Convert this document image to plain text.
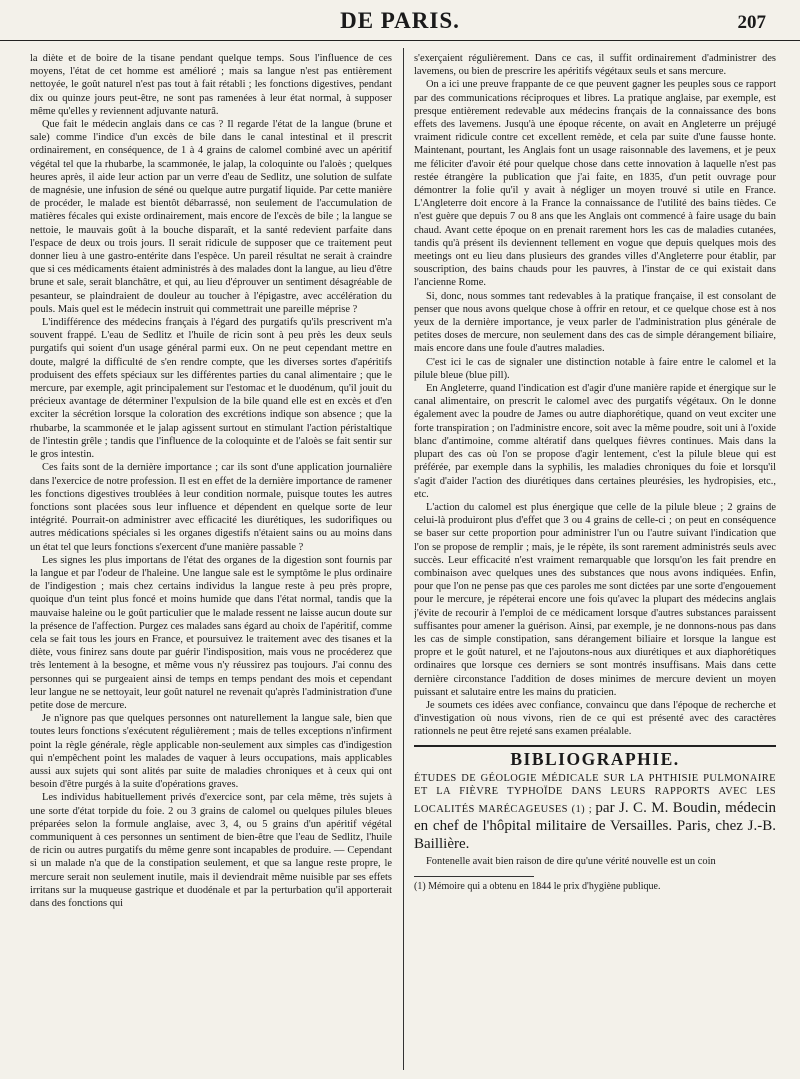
DE PARIS.	207

la diète et de boire de la tisane pendant quelque temps. Sous l'influence de ces moyens, l'état de cet homme est amélioré ; mais sa langue n'est pas entièrement nettoyée, le goût naturel n'est pas tout à fait rétabli ; les fonctions digestives, pendant dix ou quinze jours peut-être, ne sont pas ramenées à leur état normal, à supposer même qu'elles y reviennent adjuvante naturâ.

Que fait le médecin anglais dans ce cas ? Il regarde l'état de la langue (brune et sale) comme l'indice d'un excès de bile dans le canal intestinal et il prescrit ordinairement, en conséquence, de 1 à 4 grains de calomel combiné avec un apéritif végétal tel que la rhubarbe, la scammonée, le jalap, la coloquinte ou l'aloès ; quelques heures après, il aide leur action par un verre d'eau de Sedlitz, une solution de sulfate de magnésie, une infusion de séné ou quelque autre purgatif liquide. Par cette manière de procéder, le malade est bientôt débarrassé, non seulement de l'accumulation de matières fécales qui existe ordinairement, mais encore de l'excès de bile ; la langue se nettoie, le mauvais goût à la bouche disparaît, et la santé redevient parfaite dans l'espace de deux ou trois jours. Il serait ridicule de supposer que ce traitement peut donner lieu à une gastro-entérite dans l'espèce. Un pareil résultat ne serait à craindre que si ces médicaments étaient administrés à des malades dont la langue, au lieu d'être brune et sale, serait blanchâtre, et qui, au lieu d'éprouver un sentiment désagréable de pesanteur, se plaindraient de douleur au toucher à l'épigastre, avec accélération du pouls. Mais quel est le médecin instruit qui commettrait une pareille méprise ?

L'indifférence des médecins français à l'égard des purgatifs qu'ils prescrivent m'a souvent frappé. L'eau de Sedlitz et l'huile de ricin sont à peu près les deux seuls purgatifs qui soient d'un usage général parmi eux. On ne peut cependant mettre en doute, malgré la difficulté de s'en rendre compte, que les diverses sortes d'apéritifs produisent des effets spéciaux sur les différentes parties du canal alimentaire ; que le mercure, par exemple, agit principalement sur l'estomac et le duodénum, qu'il jouit du précieux avantage de déterminer l'expulsion de la bile quand elle est en excès et d'en exciter la sécrétion lorsque la coloration des excrétions indique son absence ; que la rhubarbe, la scammonée et le jalap agissent surtout en stimulant l'action péristaltique de l'intestin grêle ; tandis que l'influence de la coloquinte et de l'aloès se fait sentir sur le gros intestin.

Ces faits sont de la dernière importance ; car ils sont d'une application journalière dans l'exercice de notre profession. Il est en effet de la dernière importance de ramener les fonctions digestives troublées à leur condition normale, puisque toutes les autres fonctions sont placées sous leur influence et dépendent en quelque sorte de leur intégrité. Pourrait-on administrer avec efficacité les diurétiques, les sudorifiques ou autres médications spéciales si les organes digestifs n'étaient sains ou au moins dans un état tel que leurs fonctions s'exercent d'une manière passable ?

Les signes les plus importans de l'état des organes de la digestion sont fournis par la langue et par l'odeur de l'haleine. Une langue sale est le symptôme le plus ordinaire de l'indigestion ; mais chez certains individus la langue reste à peu près propre, quoique d'un teint plus foncé et moins humide que dans l'état normal, tandis que la mauvaise haleine ou le goût particulier que le malade ressent ne laisse aucun doute sur la présence de l'affection. Purgez ces malades sans égard au choix de l'apéritif, comme cela se fait tous les jours en France, et poursuivez le traitement avec des tisanes et la diète, vous finirez sans doute par guérir l'indisposition, mais vous ne procéderez que très lentement à la besogne, et même vous n'y réussirez pas toujours. J'ai connu des personnes qui se purgeaient ainsi de temps en temps pendant des mois et cependant leur langue ne se nettoyait, leur goût naturel ne revenait qu'après l'administration d'une petite dose de mercure.

Je n'ignore pas que quelques personnes ont naturellement la langue sale, bien que toutes leurs fonctions s'exécutent régulièrement ; mais de telles exceptions n'infirment point la règle générale, règle applicable non-seulement aux simples cas d'indigestion qui n'empêchent point les malades de vaquer à leurs occupations, mais applicables aussi aux sujets qui sont alités par suite de maladies chroniques et à ceux qui ont besoin d'être purgés à la suite d'opérations graves.

Les individus habituellement privés d'exercice sont, par cela même, très sujets à une sorte d'état torpide du foie. 2 ou 3 grains de calomel ou quelques pilules bleues préparées selon la formule anglaise, avec 3, 4, ou 5 grains d'un apéritif végétal communiquent à ces personnes un sentiment de bien-être que l'eau de Sedlitz, l'huile de ricin ou autres purgatifs du même genre sont incapables de produire. — Cependant si un malade n'a que de la constipation seulement, et que sa langue reste propre, le mercure serait non seulement inutile, mais il deviendrait même nuisible par ses effets irritans sur la muqueuse gastrique et duodénale et par la perturbation qu'il apporterait dans des fonctions qui

s'exerçaient régulièrement. Dans ce cas, il suffit ordinairement d'administrer des lavemens, ou bien de prescrire les apéritifs végétaux seuls et sans mercure.

On a ici une preuve frappante de ce que peuvent gagner les peuples sous ce rapport par des communications réciproques et libres. La pratique anglaise, par exemple, est presque entièrement redevable aux médecins français de la connaissance des bons effets des lavemens. Jusqu'à une époque récente, on avait en Angleterre un préjugé vraiment ridicule contre cet excellent remède, et cela par suite d'une fausse honte. Maintenant, pourtant, les Anglais font un usage raisonnable des lavemens, et je peux me féliciter d'avoir été pour quelque chose dans cette innovation à laquelle n'est pas restée étrangère la publication que j'ai faite, en 1835, d'un petit ouvrage pour démontrer la folie qu'il y avait à négliger un moyen trouvé si utile en France. L'Angleterre doit encore à la France la connaissance de l'utilité des bains tièdes. Ce n'est guère que depuis 7 ou 8 ans que les Anglais ont commencé à faire usage du bain chaud. Avant cette époque on en prenait rarement hors les cas de maladies cutanées, tandis qu'à présent ils deviennent tellement en vogue que depuis quelques mois des meetings ont eu lieu dans plusieurs des grandes villes d'Angleterre pour établir, par souscription, des bains chauds pour les pauvres, à l'instar de ce qui existait dans l'ancienne Rome.

Si, donc, nous sommes tant redevables à la pratique française, il est consolant de penser que nous avons quelque chose à offrir en retour, et ce quelque chose est à nos yeux de la dernière importance, je veux parler de l'administration plus générale de petites doses de mercure, non seulement dans des cas de simple dérangement biliaire, mais encore dans une foule d'autres maladies.

C'est ici le cas de signaler une distinction notable à faire entre le calomel et la pilule bleue (blue pill).

En Angleterre, quand l'indication est d'agir d'une manière rapide et énergique sur le canal alimentaire, on prescrit le calomel avec des purgatifs végétaux. On le donne également avec la poudre de James ou autre diaphorétique, quand on veut exciter une forte transpiration ; on l'administre encore, soit avec la même poudre, soit uni à l'oxide blanc d'antimoine, comme altératif dans quelques fièvres continues. Mais dans la plupart des cas où l'on se propose d'agir lentement, c'est la pilule bleue qui est préférée, par exemple dans la syphilis, les maladies chroniques du foie et lorsqu'il s'agit d'aider l'action des diurétiques dans certaines pleurésies, les hydropisies, etc., etc.

L'action du calomel est plus énergique que celle de la pilule bleue ; 2 grains de celui-là produiront plus d'effet que 3 ou 4 grains de celle-ci ; on peut en conséquence se baser sur cette proportion pour administrer l'un ou l'autre suivant l'indication que l'on se propose de remplir ; mais, je le répète, ils sont rarement administrés seuls avec succès. Leur efficacité n'est vraiment remarquable que lorsqu'on les fait prendre en combinaison avec quelques unes des substances que nous avons indiquées. Enfin, pour que l'on ne pense pas que ces paroles me sont dictées par une sorte d'engouement pour le mercure, je répéterai encore une fois qu'avec la plupart des médecins anglais j'évite de recourir à l'emploi de ce médicament lorsque d'autres substances paraissent suffisantes pour amener la guérison. Ainsi, par exemple, je ne donnons-nous pas dans les cas de simple constipation, sans dérangement biliaire et lorsque la langue est propre et le goût naturel, et ne l'ajoutons-nous aux diurétiques et aux diaphorétiques ordinaires que lorsque ces derniers se sont montrés insuffisans. Mais dans cette dernière circonstance l'addition de doses minimes de mercure devient un moyen puissant et salutaire entre les mains du praticien.

Je soumets ces idées avec confiance, convaincu que dans l'époque de recherche et d'investigation où nous vivons, rien de ce qui est présenté avec des caractères rationnels ne peut être rejeté sans examen préalable.

BIBLIOGRAPHIE.

ÉTUDES DE GÉOLOGIE MÉDICALE SUR LA PHTHISIE PULMONAIRE ET LA FIÈVRE TYPHOÏDE DANS LEURS RAPPORTS AVEC LES LOCALITÉS MARÉCAGEUSES (1) ; par J. C. M. Boudin, médecin en chef de l'hôpital militaire de Versailles. Paris, chez J.-B. Baillière.

Fontenelle avait bien raison de dire qu'une vérité nouvelle est un coin

(1) Mémoire qui a obtenu en 1844 le prix d'hygiène publique.
